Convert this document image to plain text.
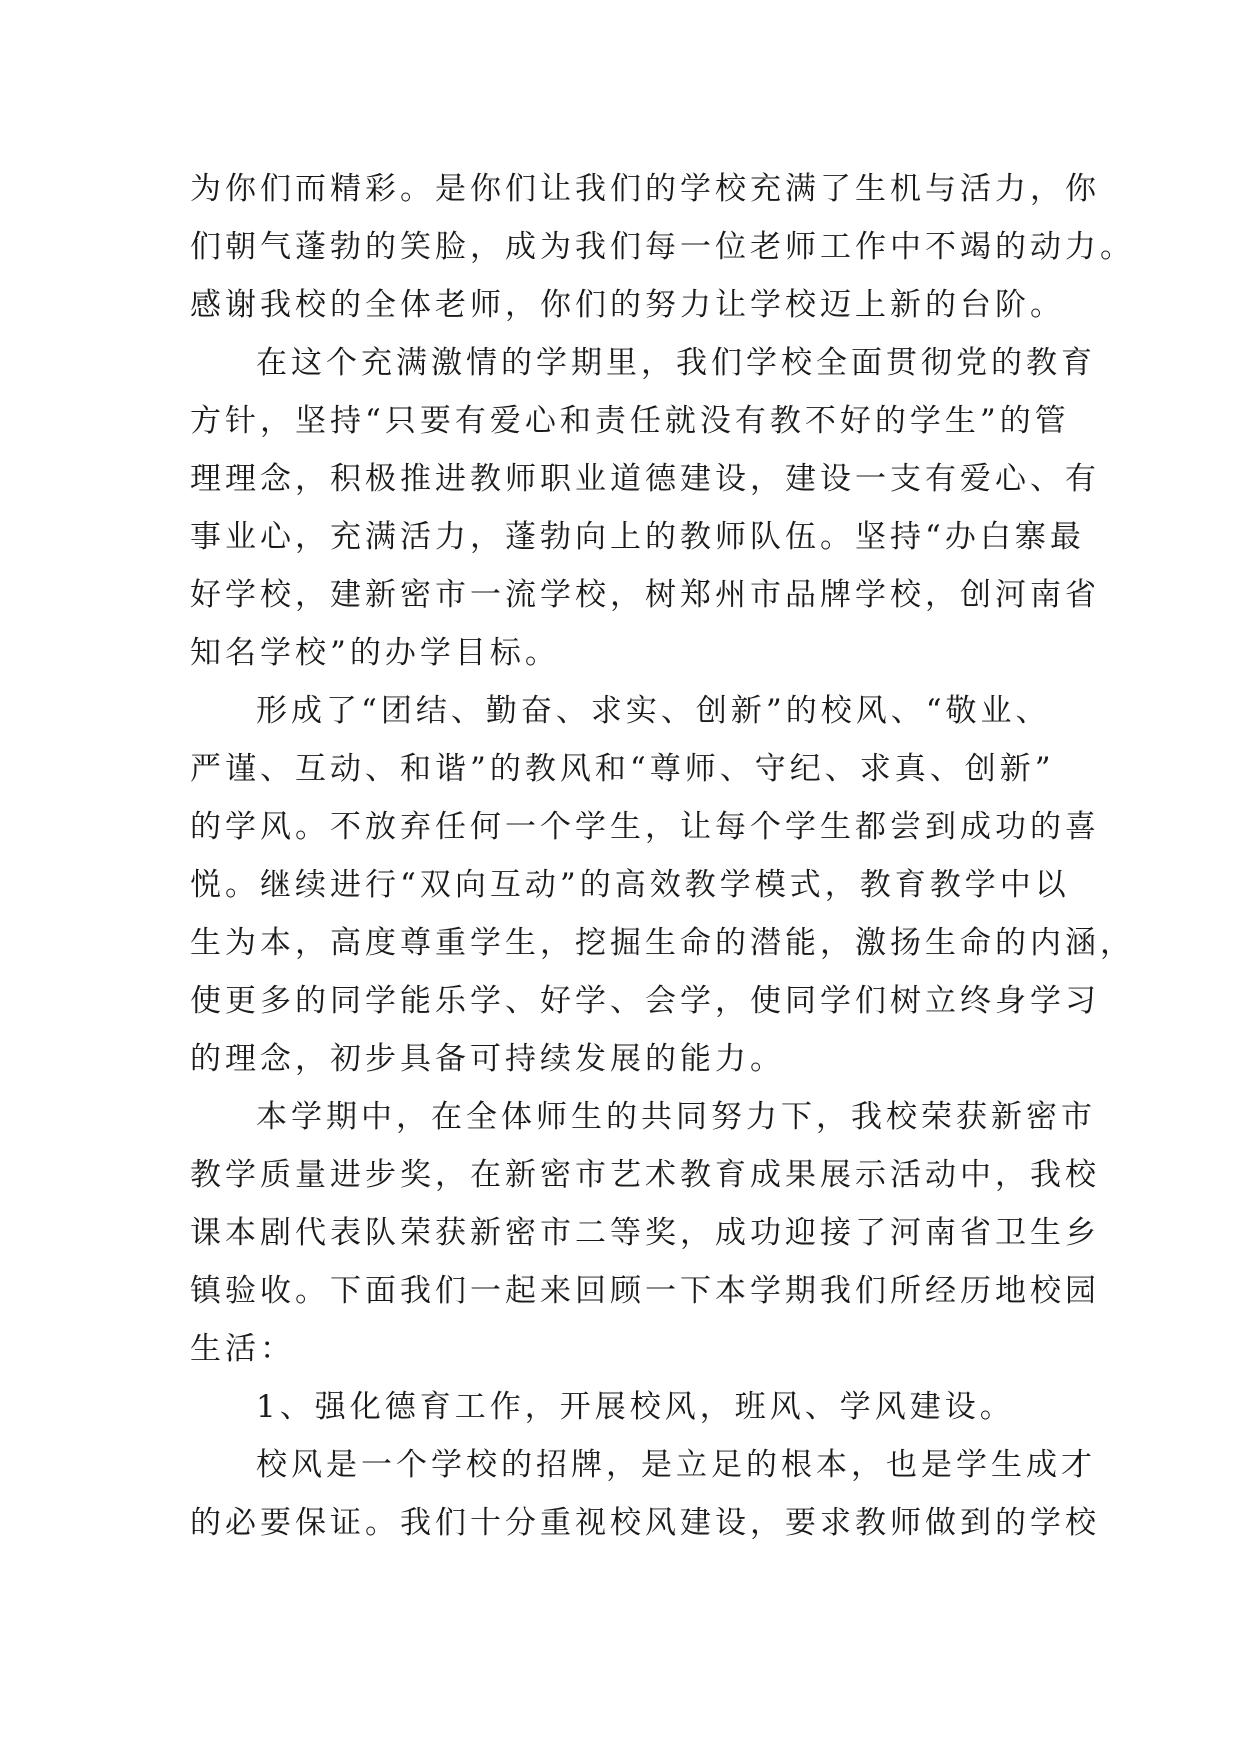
为你们而精彩。是你们让我们的学校充满了生机与活力，你
们朝气蓬勃的笑脸，成为我们每一位老师工作中不竭的动力。
感谢我校的全体老师，你们的努力让学校迈上新的台阶。
在这个充满激情的学期里，我们学校全面贯彻党的教育
方针，坚持“只要有爱心和责任就没有教不好的学生”的管
理理念，积极推进教师职业道德建设，建设一支有爱心、有
事业心，充满活力，蓬勃向上的教师队伍。坚持“办白寨最
好学校，建新密市一流学校，树郑州市品牌学校，创河南省
知名学校”的办学目标。
形成了“团结、勤奋、求实、创新”的校风、“敬业、
严谨、互动、和谐”的教风和“尊师、守纪、求真、创新”
的学风。不放弃任何一个学生，让每个学生都尝到成功的喜
悦。继续进行“双向互动”的高效教学模式，教育教学中以
生为本，高度尊重学生，挖掘生命的潜能，激扬生命的内涵，
使更多的同学能乐学、好学、会学，使同学们树立终身学习
的理念，初步具备可持续发展的能力。
本学期中，在全体师生的共同努力下，我校荣获新密市
教学质量进步奖，在新密市艺术教育成果展示活动中，我校
课本剧代表队荣获新密市二等奖，成功迎接了河南省卫生乡
镇验收。下面我们一起来回顾一下本学期我们所经历地校园
生活：
1、强化德育工作，开展校风，班风、学风建设。
校风是一个学校的招牌，是立足的根本，也是学生成才
的必要保证。我们十分重视校风建设，要求教师做到的学校
